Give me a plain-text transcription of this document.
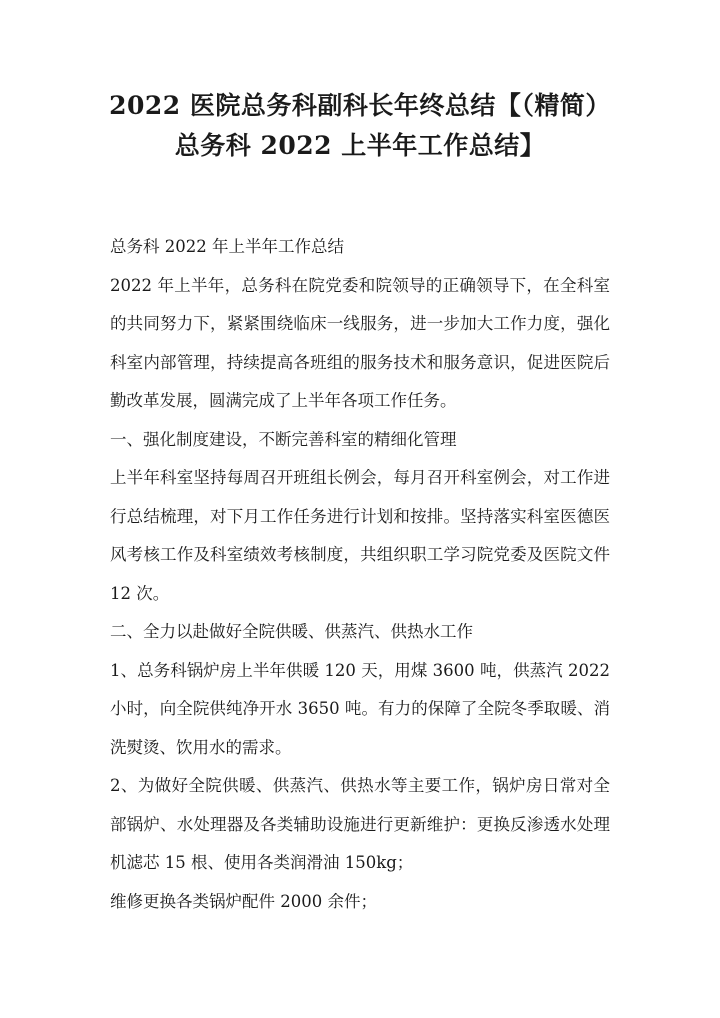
2022 医院总务科副科长年终总结【（精简）
总务科 2022 上半年工作总结】

总务科 2022 年上半年工作总结

2022 年上半年，总务科在院党委和院领导的正确领导下，在全科室的共同努力下，紧紧围绕临床一线服务，进一步加大工作力度，强化科室内部管理，持续提高各班组的服务技术和服务意识，促进医院后勤改革发展，圆满完成了上半年各项工作任务。

一、强化制度建设，不断完善科室的精细化管理

上半年科室坚持每周召开班组长例会，每月召开科室例会，对工作进行总结梳理，对下月工作任务进行计划和按排。坚持落实科室医德医风考核工作及科室绩效考核制度，共组织职工学习院党委及医院文件 12 次。

二、全力以赴做好全院供暖、供蒸汽、供热水工作

1、总务科锅炉房上半年供暖 120 天，用煤 3600 吨，供蒸汽 2022 小时，向全院供纯净开水 3650 吨。有力的保障了全院冬季取暖、消洗熨烫、饮用水的需求。

2、为做好全院供暖、供蒸汽、供热水等主要工作，锅炉房日常对全部锅炉、水处理器及各类辅助设施进行更新维护：更换反渗透水处理机滤芯 15 根、使用各类润滑油 150kg；

维修更换各类锅炉配件 2000 余件；
